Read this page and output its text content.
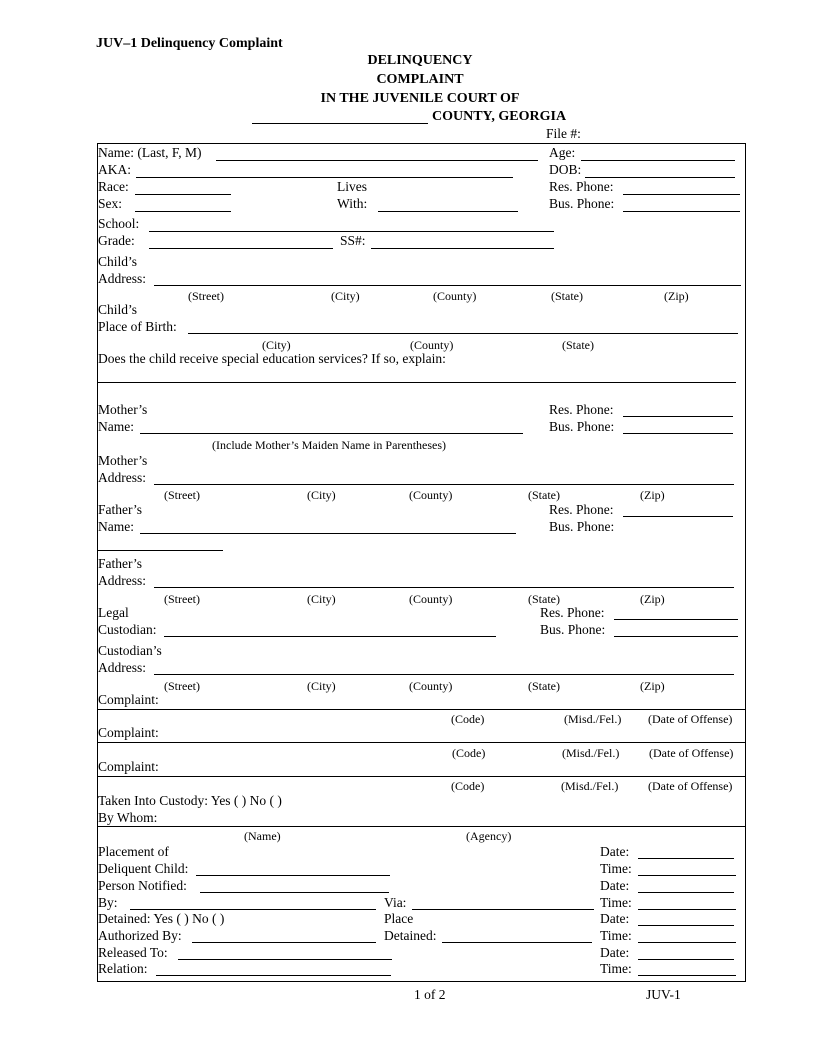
JUV–1 Delinquency Complaint
DELINQUENCY
COMPLAINT
IN THE JUVENILE COURT OF
COUNTY, GEORGIA
File #:
Name: (Last, F, M)	Age:
AKA:	DOB:
Race:	Lives	Res. Phone:
Sex:	With:	Bus. Phone:
School:
Grade:	SS#:
Child’s
Address:
(Street)	(City)	(County)	(State)	(Zip)
Child’s
Place of Birth:
(City)	(County)	(State)
Does the child receive special education services? If so, explain:
Mother’s	Res. Phone:
Name:	Bus. Phone:
(Include Mother’s Maiden Name in Parentheses)
Mother’s
Address:
(Street)	(City)	(County)	(State)	(Zip)
Father’s	Res. Phone:
Name:	Bus. Phone:
Father’s
Address:
(Street)	(City)	(County)	(State)	(Zip)
Legal	Res. Phone:
Custodian:	Bus. Phone:
Custodian’s
Address:
(Street)	(City)	(County)	(State)	(Zip)
Complaint:
(Code)	(Misd./Fel.) (Date of Offense)
Complaint:
(Code)	(Misd./Fel.) (Date of Offense)
Complaint:
(Code)	(Misd./Fel.) (Date of Offense)
Taken Into Custody: Yes ( ) No ( )
By Whom:
(Name)	(Agency)
Placement of	Date:
Deliquent Child:	Time:
Person Notified:	Date:
By:	Via:	Time:
Detained: Yes ( ) No ( )	Place	Date:
Authorized By:	Detained:	Time:
Released To:	Date:
Relation:	Time:
1 of 2	JUV-1
